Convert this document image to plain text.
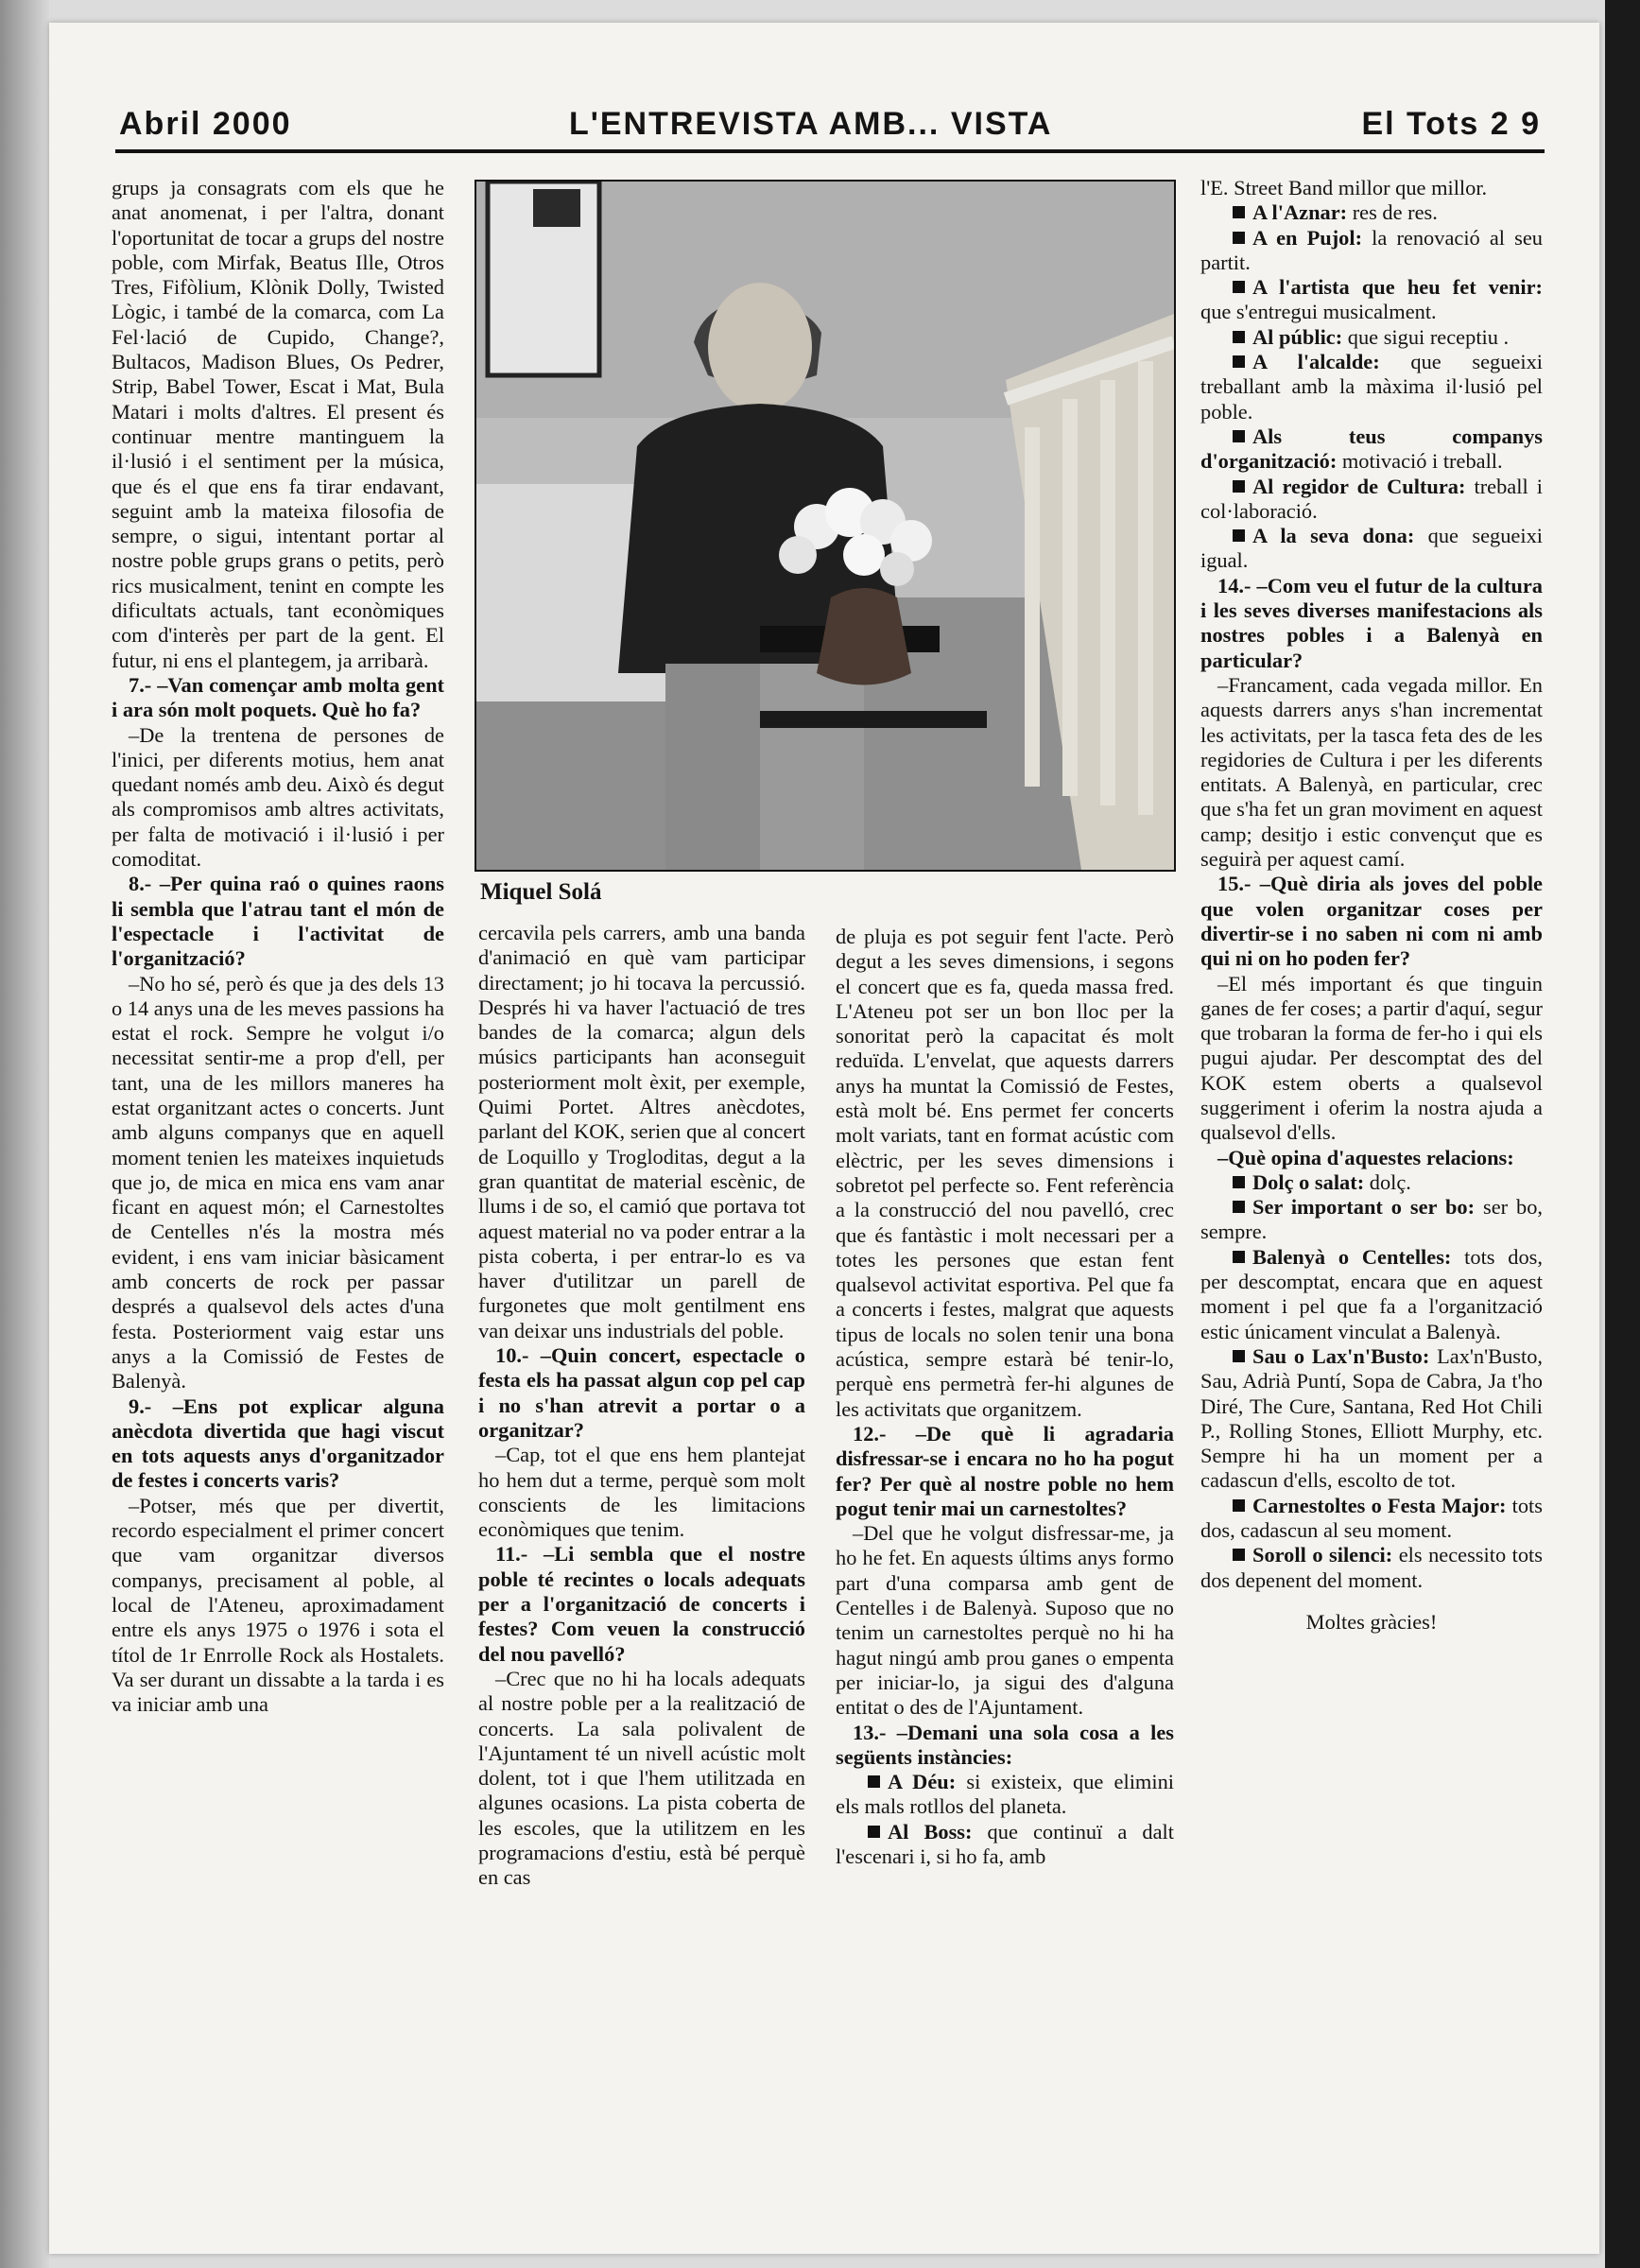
Abril 2000	L'ENTREVISTA AMB... VISTA	El Tots 2 9
Miquel Solá

grups ja consagrats com els que he anat anomenat, i per l'altra, donant l'oportunitat de tocar a grups del nostre poble, com Mirfak, Beatus Ille, Otros Tres, Fifòlium, Klònik Dolly, Twisted Lògic, i també de la comarca, com La Fel·lació de Cupido, Change?, Bultacos, Madison Blues, Os Pedrer, Strip, Babel Tower, Escat i Mat, Bula Matari i molts d'altres. El present és continuar mentre mantinguem la il·lusió i el sentiment per la música, que és el que ens fa tirar endavant, seguint amb la mateixa filosofia de sempre, o sigui, intentant portar al nostre poble grups grans o petits, però rics musicalment, tenint en compte les dificultats actuals, tant econòmiques com d'interès per part de la gent. El futur, ni ens el plantegem, ja arribarà.

7.- –Van començar amb molta gent i ara són molt poquets. Què ho fa?

–De la trentena de persones de l'inici, per diferents motius, hem anat quedant només amb deu. Això és degut als compromisos amb altres activitats, per falta de motivació i il·lusió i per comoditat.

8.- –Per quina raó o quines raons li sembla que l'atrau tant el món de l'espectacle i l'activitat de l'organització?

–No ho sé, però és que ja des dels 13 o 14 anys una de les meves passions ha estat el rock. Sempre he volgut i/o necessitat sentir-me a prop d'ell, per tant, una de les millors maneres ha estat organitzant actes o concerts. Junt amb alguns companys que en aquell moment tenien les mateixes inquietuds que jo, de mica en mica ens vam anar ficant en aquest món; el Carnestoltes de Centelles n'és la mostra més evident, i ens vam iniciar bàsicament amb concerts de rock per passar després a qualsevol dels actes d'una festa. Posteriorment vaig estar uns anys a la Comissió de Festes de Balenyà.

9.- –Ens pot explicar alguna anècdota divertida que hagi viscut en tots aquests anys d'organitzador de festes i concerts varis?

–Potser, més que per divertit, recordo especialment el primer concert que vam organitzar diversos companys, precisament al poble, al local de l'Ateneu, aproximadament entre els anys 1975 o 1976 i sota el títol de 1r Enrrolle Rock als Hostalets. Va ser durant un dissabte a la tarda i es va iniciar amb una

cercavila pels carrers, amb una banda d'animació en què vam participar directament; jo hi tocava la percussió. Després hi va haver l'actuació de tres bandes de la comarca; algun dels músics participants han aconseguit posteriorment molt èxit, per exemple, Quimi Portet. Altres anècdotes, parlant del KOK, serien que al concert de Loquillo y Trogloditas, degut a la gran quantitat de material escènic, de llums i de so, el camió que portava tot aquest material no va poder entrar a la pista coberta, i per entrar-lo es va haver d'utilitzar un parell de furgonetes que molt gentilment ens van deixar uns industrials del poble.

10.- –Quin concert, espectacle o festa els ha passat algun cop pel cap i no s'han atrevit a portar o a organitzar?

–Cap, tot el que ens hem plantejat ho hem dut a terme, perquè som molt conscients de les limitacions econòmiques que tenim.

11.- –Li sembla que el nostre poble té recintes o locals adequats per a l'organització de concerts i festes? Com veuen la construcció del nou pavelló?

–Crec que no hi ha locals adequats al nostre poble per a la realització de concerts. La sala polivalent de l'Ajuntament té un nivell acústic molt dolent, tot i que l'hem utilitzada en algunes ocasions. La pista coberta de les escoles, que la utilitzem en les programacions d'estiu, està bé perquè en cas

de pluja es pot seguir fent l'acte. Però degut a les seves dimensions, i segons el concert que es fa, queda massa fred. L'Ateneu pot ser un bon lloc per la sonoritat però la capacitat és molt reduïda. L'envelat, que aquests darrers anys ha muntat la Comissió de Festes, està molt bé. Ens permet fer concerts molt variats, tant en format acústic com elèctric, per les seves dimensions i sobretot pel perfecte so. Fent referència a la construcció del nou pavelló, crec que és fantàstic i molt necessari per a totes les persones que estan fent qualsevol activitat esportiva. Pel que fa a concerts i festes, malgrat que aquests tipus de locals no solen tenir una bona acústica, sempre estarà bé tenir-lo, perquè ens permetrà fer-hi algunes de les activitats que organitzem.

12.- –De què li agradaria disfressar-se i encara no ho ha pogut fer? Per què al nostre poble no hem pogut tenir mai un carnestoltes?

–Del que he volgut disfressar-me, ja ho he fet. En aquests últims anys formo part d'una comparsa amb gent de Centelles i de Balenyà. Suposo que no tenim un carnestoltes perquè no hi ha hagut ningú amb prou ganes o empenta per iniciar-lo, ja sigui des d'alguna entitat o des de l'Ajuntament.

13.- –Demani una sola cosa a les següents instàncies:

A Déu: si existeix, que elimini els mals rotllos del planeta.

Al Boss: que continuï a dalt l'escenari i, si ho fa, amb

l'E. Street Band millor que millor.

A l'Aznar: res de res.

A en Pujol: la renovació al seu partit.

A l'artista que heu fet venir: que s'entregui musicalment.

Al públic: que sigui receptiu .

A l'alcalde: que segueixi treballant amb la màxima il·lusió pel poble.

Als teus companys d'organització: motivació i treball.

Al regidor de Cultura: treball i col·laboració.

A la seva dona: que segueixi igual.

14.- –Com veu el futur de la cultura i les seves diverses manifestacions als nostres pobles i a Balenyà en particular?

–Francament, cada vegada millor. En aquests darrers anys s'han incrementat les activitats, per la tasca feta des de les regidories de Cultura i per les diferents entitats. A Balenyà, en particular, crec que s'ha fet un gran moviment en aquest camp; desitjo i estic convençut que es seguirà per aquest camí.

15.- –Què diria als joves del poble que volen organitzar coses per divertir-se i no saben ni com ni amb qui ni on ho poden fer?

–El més important és que tinguin ganes de fer coses; a partir d'aquí, segur que trobaran la forma de fer-ho i qui els pugui ajudar. Per descomptat des del KOK estem oberts a qualsevol suggeriment i oferim la nostra ajuda a qualsevol d'ells.

–Què opina d'aquestes relacions:

Dolç o salat: dolç.

Ser important o ser bo: ser bo, sempre.

Balenyà o Centelles: tots dos, per descomptat, encara que en aquest moment i pel que fa a l'organització estic únicament vinculat a Balenyà.

Sau o Lax'n'Busto: Lax'n'Busto, Sau, Adrià Puntí, Sopa de Cabra, Ja t'ho Diré, The Cure, Santana, Red Hot Chili P., Rolling Stones, Elliott Murphy, etc. Sempre hi ha un moment per a cadascun d'ells, escolto de tot.

Carnestoltes o Festa Major: tots dos, cadascun al seu moment.

Soroll o silenci: els necessito tots dos depenent del moment.

Moltes gràcies!
